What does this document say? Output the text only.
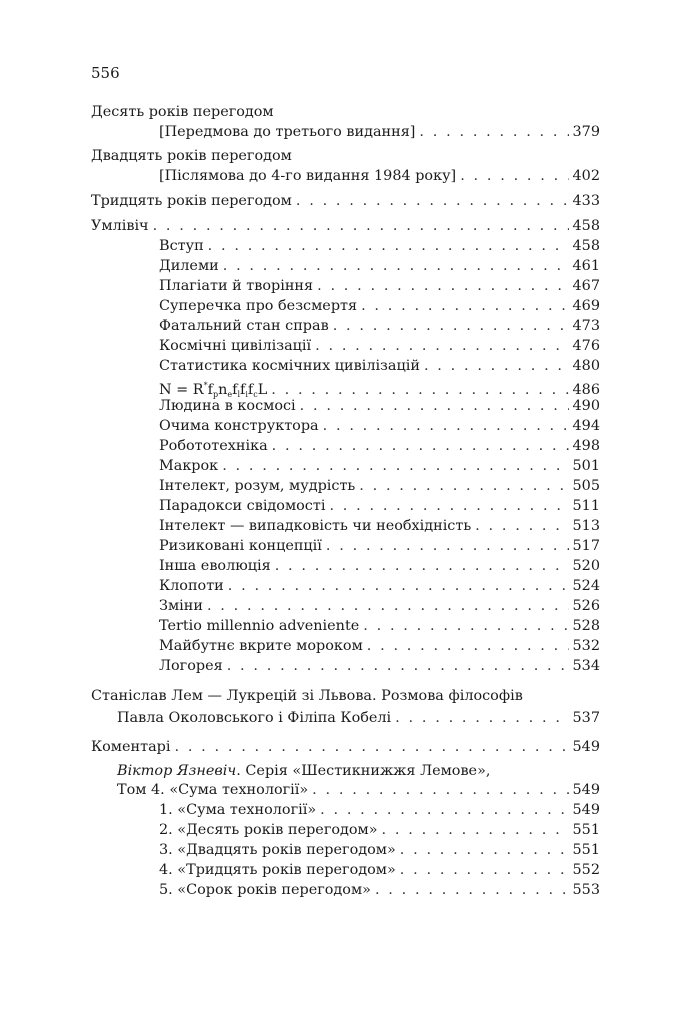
556
Десять років перегодом
[Передмова до третього видання] . . .	379
Двадцять років перегодом
[Післямова до 4-го видання 1984 року] . . .	402
Тридцять років перегодом . . .	433
Умлівіч . . .	458
Вступ . . .	458
Дилеми . . .	461
Плагіати й творіння . . .	467
Суперечка про безсмертя . . .	469
Фатальний стан справ . . .	473
Космічні цивілізації . . .	476
Статистика космічних цивілізацій . . .	480
$N = R^*f_pn_ef_lf_if_cL$ . . .	486
Людина в космосі . . .	490
Очима конструктора . . .	494
Робототехніка . . .	498
Макрок . . .	501
Інтелект, розум, мудрість . . .	505
Парадокси свідомості . . .	511
Інтелект — випадковість чи необхідність . . .	513
Ризиковані концепції . . .	517
Інша еволюція . . .	520
Клопоти . . .	524
Зміни . . .	526
Tertio millennio adveniente . . .	528
Майбутнє вкрите мороком . . .	532
Логорея . . .	534
Станіслав Лем — Лукрецій зі Львова. Розмова філософів
Павла Околовського і Філіпа Кобелі . . .	537
Коментарі . . .	549
Віктор Язневіч. Серія «Шестикнижжя Лемове»,
Том 4. «Сума технології» . . .	549
1. «Сума технології» . . .	549
2. «Десять років перегодом» . . .	551
3. «Двадцять років перегодом» . . .	551
4. «Тридцять років перегодом» . . .	552
5. «Сорок років перегодом» . . .	553
